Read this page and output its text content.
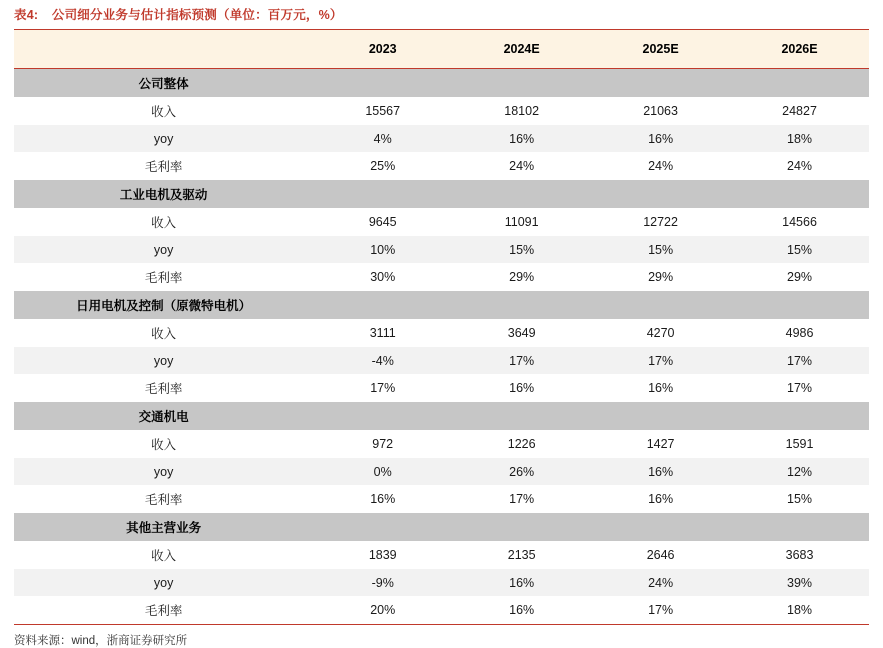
表4: 公司细分业务与估计指标预测（单位：百万元，%）
	2023	2024E	2025E	2026E
公司整体				
收入	15567	18102	21063	24827
yoy	4%	16%	16%	18%
毛利率	25%	24%	24%	24%
工业电机及驱动				
收入	9645	11091	12722	14566
yoy	10%	15%	15%	15%
毛利率	30%	29%	29%	29%
日用电机及控制（原微特电机）				
收入	3111	3649	4270	4986
yoy	-4%	17%	17%	17%
毛利率	17%	16%	16%	17%
交通机电				
收入	972	1226	1427	1591
yoy	0%	26%	16%	12%
毛利率	16%	17%	16%	15%
其他主营业务				
收入	1839	2135	2646	3683
yoy	-9%	16%	24%	39%
毛利率	20%	16%	17%	18%
资料来源：wind，浙商证券研究所
